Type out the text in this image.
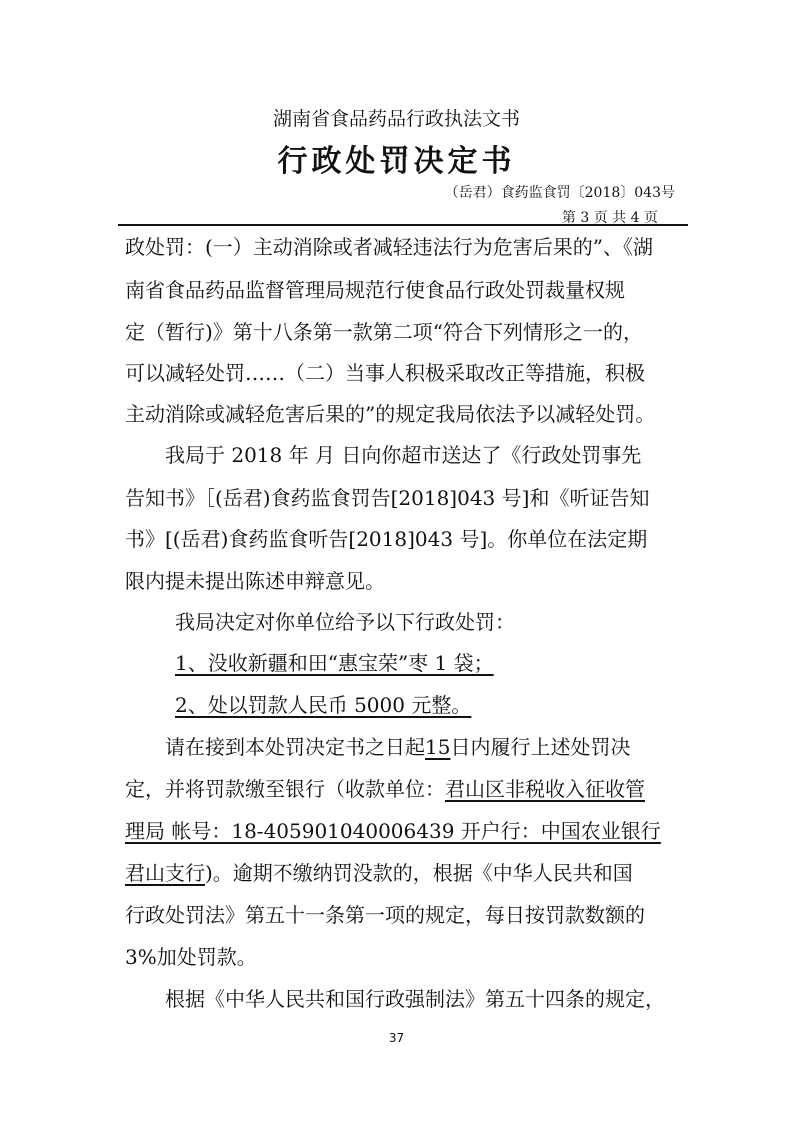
湖南省食品药品行政执法文书
行政处罚决定书
（岳君）食药监食罚〔2018〕043号
第 3 页 共 4 页
政处罚：(一）主动消除或者减轻违法行为危害后果的”、《湖
南省食品药品监督管理局规范行使食品行政处罚裁量权规
定（暂行)》第十八条第一款第二项“符合下列情形之一的，
可以减轻处罚……（二）当事人积极采取改正等措施，积极
主动消除或减轻危害后果的”的规定我局依法予以减轻处罚。
我局于 2018 年 月 日向你超市送达了《行政处罚事先
告知书》［(岳君)食药监食罚告[2018]043 号]和《听证告知
书》[(岳君)食药监食听告[2018]043 号]。你单位在法定期
限内提未提出陈述申辩意见。
我局决定对你单位给予以下行政处罚：
1、没收新疆和田“惠宝荣”枣 1 袋；
2、处以罚款人民币 5000 元整。
请在接到本处罚决定书之日起15日内履行上述处罚决
定，并将罚款缴至银行（收款单位：君山区非税收入征收管
理局 帐号：18-405901040006439 开户行：中国农业银行
君山支行)。逾期不缴纳罚没款的，根据《中华人民共和国
行政处罚法》第五十一条第一项的规定，每日按罚款数额的
3%加处罚款。
根据《中华人民共和国行政强制法》第五十四条的规定，
37
